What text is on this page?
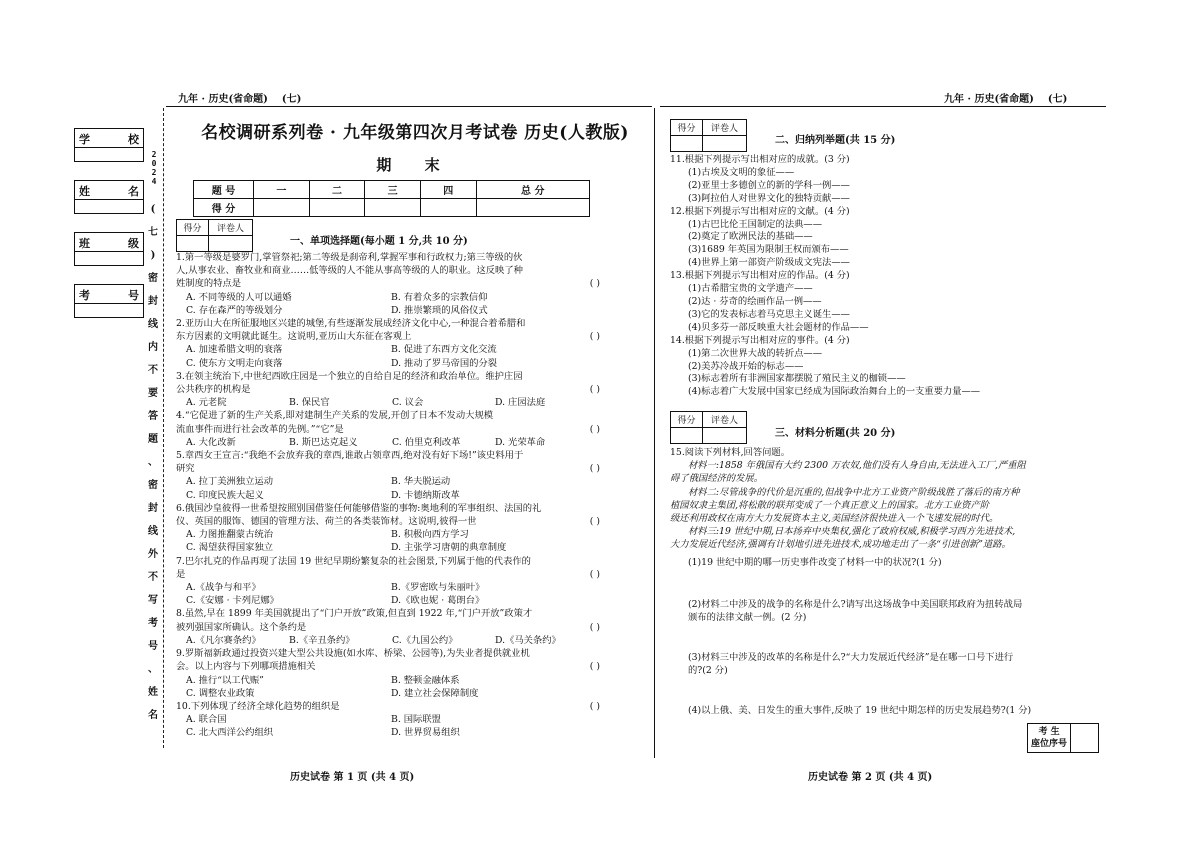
学	校
姓	名
班	级
考	号
2
0
2
4
(
七
)
密
封
线
内
不
要
答
题
、
密
封
线
外
不
写
考
号
、
姓
名
九年 · 历史(省命题) (七)	九年 · 历史(省命题) (七)
名校调研系列卷 · 九年级第四次月考试卷 历史(人教版)
期 末
题 号	一	二	三	四	总 分
得 分					
得分	评卷人

一、单项选择题(每小题 1 分,共 10 分)

1.第一等级是婆罗门,掌管祭祀;第二等级是刹帝利,掌握军事和行政权力;第三等级的伙

人,从事农业、畜牧业和商业……低等级的人不能从事高等级的人的职业。这反映了种

姓制度的特点是	( )
A. 不同等级的人可以通婚	B. 有着众多的宗教信仰
C. 存在森严的等级划分	D. 推崇繁琐的风俗仪式

2.亚历山大在所征服地区兴建的城堡,有些逐渐发展成经济文化中心,一种混合着希腊和

东方因素的文明就此诞生。这说明,亚历山大东征在客观上	( )
A. 加速希腊文明的衰落	B. 促进了东西方文化交流
C. 使东方文明走向衰落	D. 推动了罗马帝国的分裂

3.在领主统治下,中世纪西欧庄园是一个独立的自给自足的经济和政治单位。维护庄园

公共秩序的机构是	( )
A. 元老院	B. 保民官	C. 议会	D. 庄园法庭

4.“它促进了新的生产关系,即对建制生产关系的发展,开创了日本不发动大规模

流血事件而进行社会改革的先例。”“它”是	( )
A. 大化改新	B. 斯巴达克起义	C. 伯里克利改革	D. 光荣革命

5.章西女王宣言:“我绝不会放弃我的章西,谁敢占领章西,绝对没有好下场!”该史料用于

研究	( )
A. 拉丁美洲独立运动	B. 华夫脱运动
C. 印度民族大起义	D. 卡德纳斯改革

6.俄国沙皇彼得一世希望按照别国借鉴任何能够借鉴的事物:奥地利的军事组织、法国的礼

仪、英国的服饰、德国的管理方法、荷兰的各类装饰材。这说明,彼得一世	( )
A. 力图推翻蒙古统治	B. 积极向西方学习
C. 渴望获得国家独立	D. 主张学习唐朝的典章制度

7.巴尔扎克的作品再现了法国 19 世纪早期纷繁复杂的社会图景,下列属于他的代表作的

是	( )
A.《战争与和平》	B.《罗密欧与朱丽叶》
C.《安娜 · 卡列尼娜》	D.《欧也妮 · 葛朗台》

8.虽然,早在 1899 年美国就提出了“门户开放”政策,但直到 1922 年,“门户开放”政策才

被列强国家所确认。这个条约是	( )
A.《凡尔赛条约》	B.《辛丑条约》	C.《九国公约》	D.《马关条约》

9.罗斯福新政通过投资兴建大型公共设施(如水库、桥梁、公园等),为失业者提供就业机

会。以上内容与下列哪项措施相关	( )
A. 推行“以工代赈”	B. 整顿金融体系
C. 调整农业政策	D. 建立社会保障制度

10.下列体现了经济全球化趋势的组织是	( )
A. 联合国	B. 国际联盟
C. 北大西洋公约组织	D. 世界贸易组织
得分	评卷人

二、归纳列举题(共 15 分)

11.根据下列提示写出相对应的成就。(3 分)

(1)古埃及文明的象征——

(2)亚里士多德创立的新的学科一例——

(3)阿拉伯人对世界文化的独特贡献——

12.根据下列提示写出相对应的文献。(4 分)

(1)古巴比伦王国制定的法典——

(2)奠定了欧洲民法的基础——

(3)1689 年英国为限制王权而颁布——

(4)世界上第一部资产阶级成文宪法——

13.根据下列提示写出相对应的作品。(4 分)

(1)古希腊宝贵的文学遗产——

(2)达 · 芬奇的绘画作品一例——

(3)它的发表标志着马克思主义诞生——

(4)贝多芬一部反映重大社会题材的作品——

14.根据下列提示写出相对应的事件。(4 分)

(1)第二次世界大战的转折点——

(2)美苏冷战开始的标志——

(3)标志着所有非洲国家都摆脱了殖民主义的枷锁——

(4)标志着广大发展中国家已经成为国际政治舞台上的一支重要力量——

得分	评卷人

三、材料分析题(共 20 分)

15.阅读下列材料,回答问题。

材料一:1858 年俄国有大约 2300 万农奴,他们没有人身自由,无法进入工厂,严重阻

碍了俄国经济的发展。

材料二:尽管战争的代价是沉重的,但战争中北方工业资产阶级战胜了落后的南方种

植园奴隶主集团,将松散的联邦变成了一个真正意义上的国家。北方工业资产阶

级还利用政权在南方大力发展资本主义,美国经济很快进入一个飞速发展的时代。

材料三:19 世纪中期,日本扬弃中央集权,强化了政府权威,积极学习西方先进技术,

大力发展近代经济,强调有计划地引进先进技术,成功地走出了一条“引进创新”道路。

(1)19 世纪中期的哪一历史事件改变了材料一中的状况?(1 分)

(2)材料二中涉及的战争的名称是什么?请写出这场战争中美国联邦政府为扭转战局

颁布的法律文献一例。(2 分)

(3)材料三中涉及的改革的名称是什么?“大力发展近代经济”是在哪一口号下进行

的?(2 分)

(4)以上俄、美、日发生的重大事件,反映了 19 世纪中期怎样的历史发展趋势?(1 分)

考 生
座位序号	
历史试卷 第 1 页 (共 4 页)	历史试卷 第 2 页 (共 4 页)
